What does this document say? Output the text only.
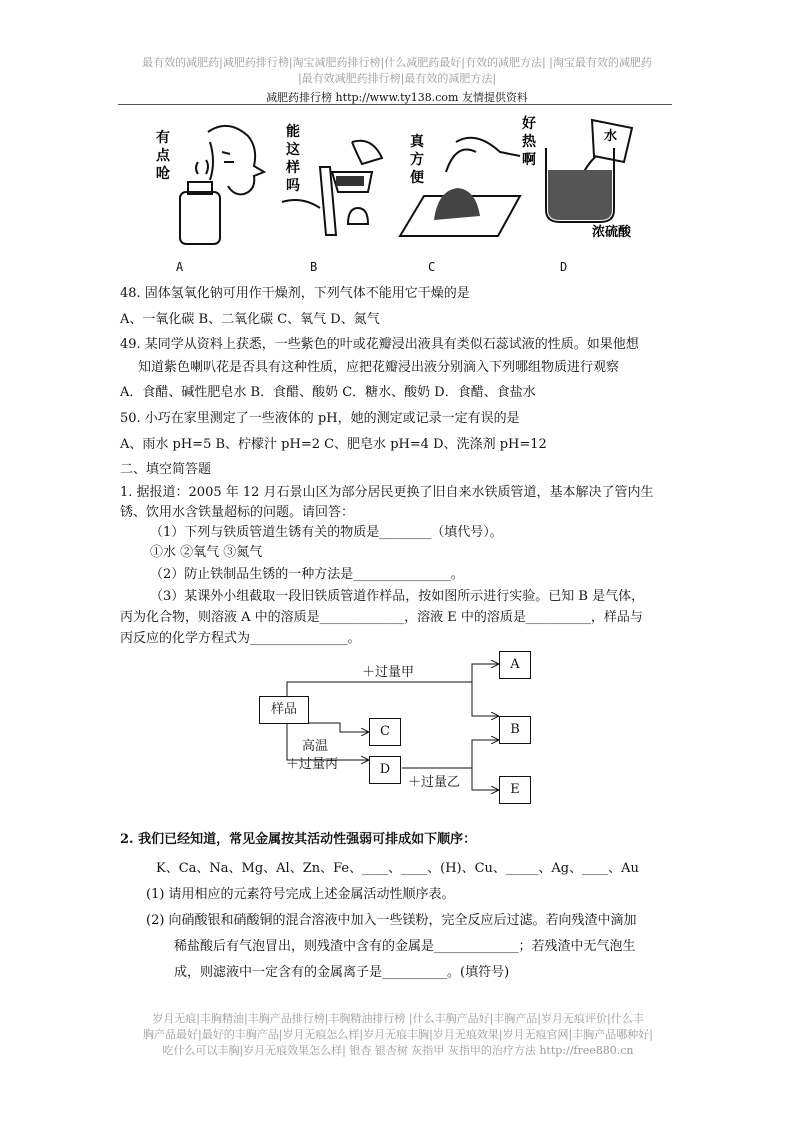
最有效的减肥药|减肥药排行榜|淘宝减肥药排行榜|什么减肥药最好|有效的减肥方法| |淘宝最有效的减肥药
|最有效减肥药排行榜|最有效的减肥方法|
减肥药排行榜 http://www.ty138.com 友情提供资料
有
点
呛
能
这
样
吗
真
方
便
好
热
啊
水
浓硫酸
A	B	C	D
48. 固体氢氧化钠可用作干燥剂，下列气体不能用它干燥的是
A、一氧化碳 B、二氧化碳 C、氧气 D、氮气
49. 某同学从资料上获悉，一些紫色的叶或花瓣浸出液具有类似石蕊试液的性质。如果他想
知道紫色喇叭花是否具有这种性质，应把花瓣浸出液分别滴入下列哪组物质进行观察
A．食醋、碱性肥皂水 B．食醋、酸奶 C．糖水、酸奶 D．食醋、食盐水
50. 小巧在家里测定了一些液体的 pH，她的测定或记录一定有误的是
A、雨水 pH=5 B、柠檬汁 pH=2 C、肥皂水 pH=4 D、洗涤剂 pH=12
二、填空简答题
1. 据报道：2005 年 12 月石景山区为部分居民更换了旧自来水铁质管道，基本解决了管内生
锈、饮用水含铁量超标的问题。请回答：
（1）下列与铁质管道生锈有关的物质是________（填代号）。
①水 ②氧气 ③氮气
（2）防止铁制品生锈的一种方法是_______________。
（3）某课外小组截取一段旧铁质管道作样品，按如图所示进行实验。已知 B 是气体，
丙为化合物，则溶液 A 中的溶质是_____________，溶液 E 中的溶质是__________，样品与
丙反应的化学方程式为_______________。
样品
A
B
C
D
E
＋过量甲
高温
＋过量丙
＋过量乙
2. 我们已经知道，常见金属按其活动性强弱可排成如下顺序：
K、Ca、Na、Mg、Al、Zn、Fe、____、____、(H)、Cu、_____、Ag、____、Au
(1) 请用相应的元素符号完成上述金属活动性顺序表。
(2) 向硝酸银和硝酸铜的混合溶液中加入一些镁粉，完全反应后过滤。若向残渣中滴加
稀盐酸后有气泡冒出，则残渣中含有的金属是_____________；若残渣中无气泡生
成，则滤液中一定含有的金属离子是__________。(填符号)
岁月无痕|丰胸精油|丰胸产品排行榜|丰胸精油排行榜 |什么丰胸产品好|丰胸产品|岁月无痕评价|什么丰
胸产品最好|最好的丰胸产品|岁月无痕怎么样|岁月无痕丰胸|岁月无痕效果|岁月无痕官网|丰胸产品哪种好|
吃什么可以丰胸|岁月无痕效果怎么样| 银杏 银杏树 灰指甲 灰指甲的治疗方法 http://free880.cn
